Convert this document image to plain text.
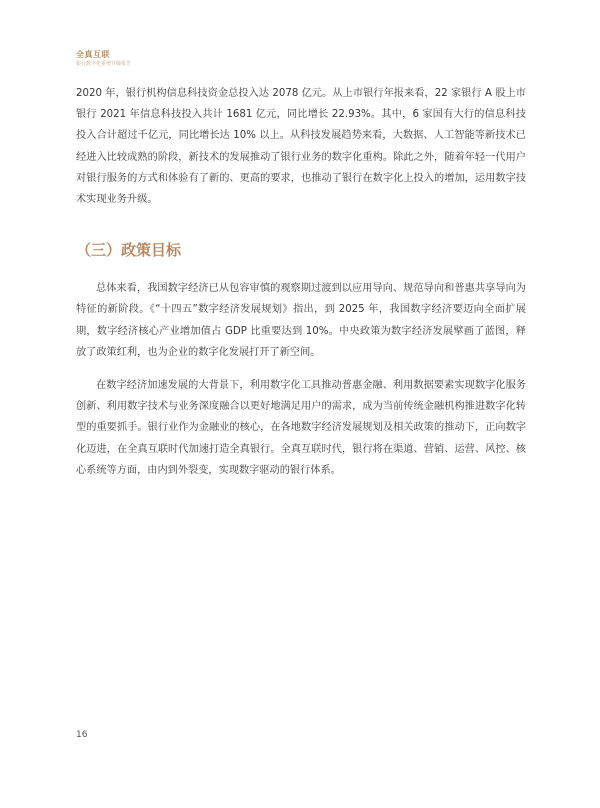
全真互联
银行数字化重塑升级报告

2020 年，银行机构信息科技资金总投入达 2078 亿元。从上市银行年报来看，22 家银行 A 股上市银行 2021 年信息科技投入共计 1681 亿元，同比增长 22.93%。其中，6 家国有大行的信息科技投入合计超过千亿元，同比增长达 10% 以上。从科技发展趋势来看，大数据、人工智能等新技术已经进入比较成熟的阶段，新技术的发展推动了银行业务的数字化重构。除此之外，随着年轻一代用户对银行服务的方式和体验有了新的、更高的要求，也推动了银行在数字化上投入的增加，运用数字技术实现业务升级。

（三）政策目标

总体来看，我国数字经济已从包容审慎的观察期过渡到以应用导向、规范导向和普惠共享导向为特征的新阶段。《“十四五”数字经济发展规划》指出，到 2025 年，我国数字经济要迈向全面扩展期，数字经济核心产业增加值占 GDP 比重要达到 10%。中央政策为数字经济发展擘画了蓝图，释放了政策红利，也为企业的数字化发展打开了新空间。

在数字经济加速发展的大背景下，利用数字化工具推动普惠金融、利用数据要素实现数字化服务创新、利用数字技术与业务深度融合以更好地满足用户的需求，成为当前传统金融机构推进数字化转型的重要抓手。银行业作为金融业的核心，在各地数字经济发展规划及相关政策的推动下，正向数字化迈进，在全真互联时代加速打造全真银行。全真互联时代，银行将在渠道、营销、运营、风控、核心系统等方面，由内到外裂变，实现数字驱动的银行体系。

16
